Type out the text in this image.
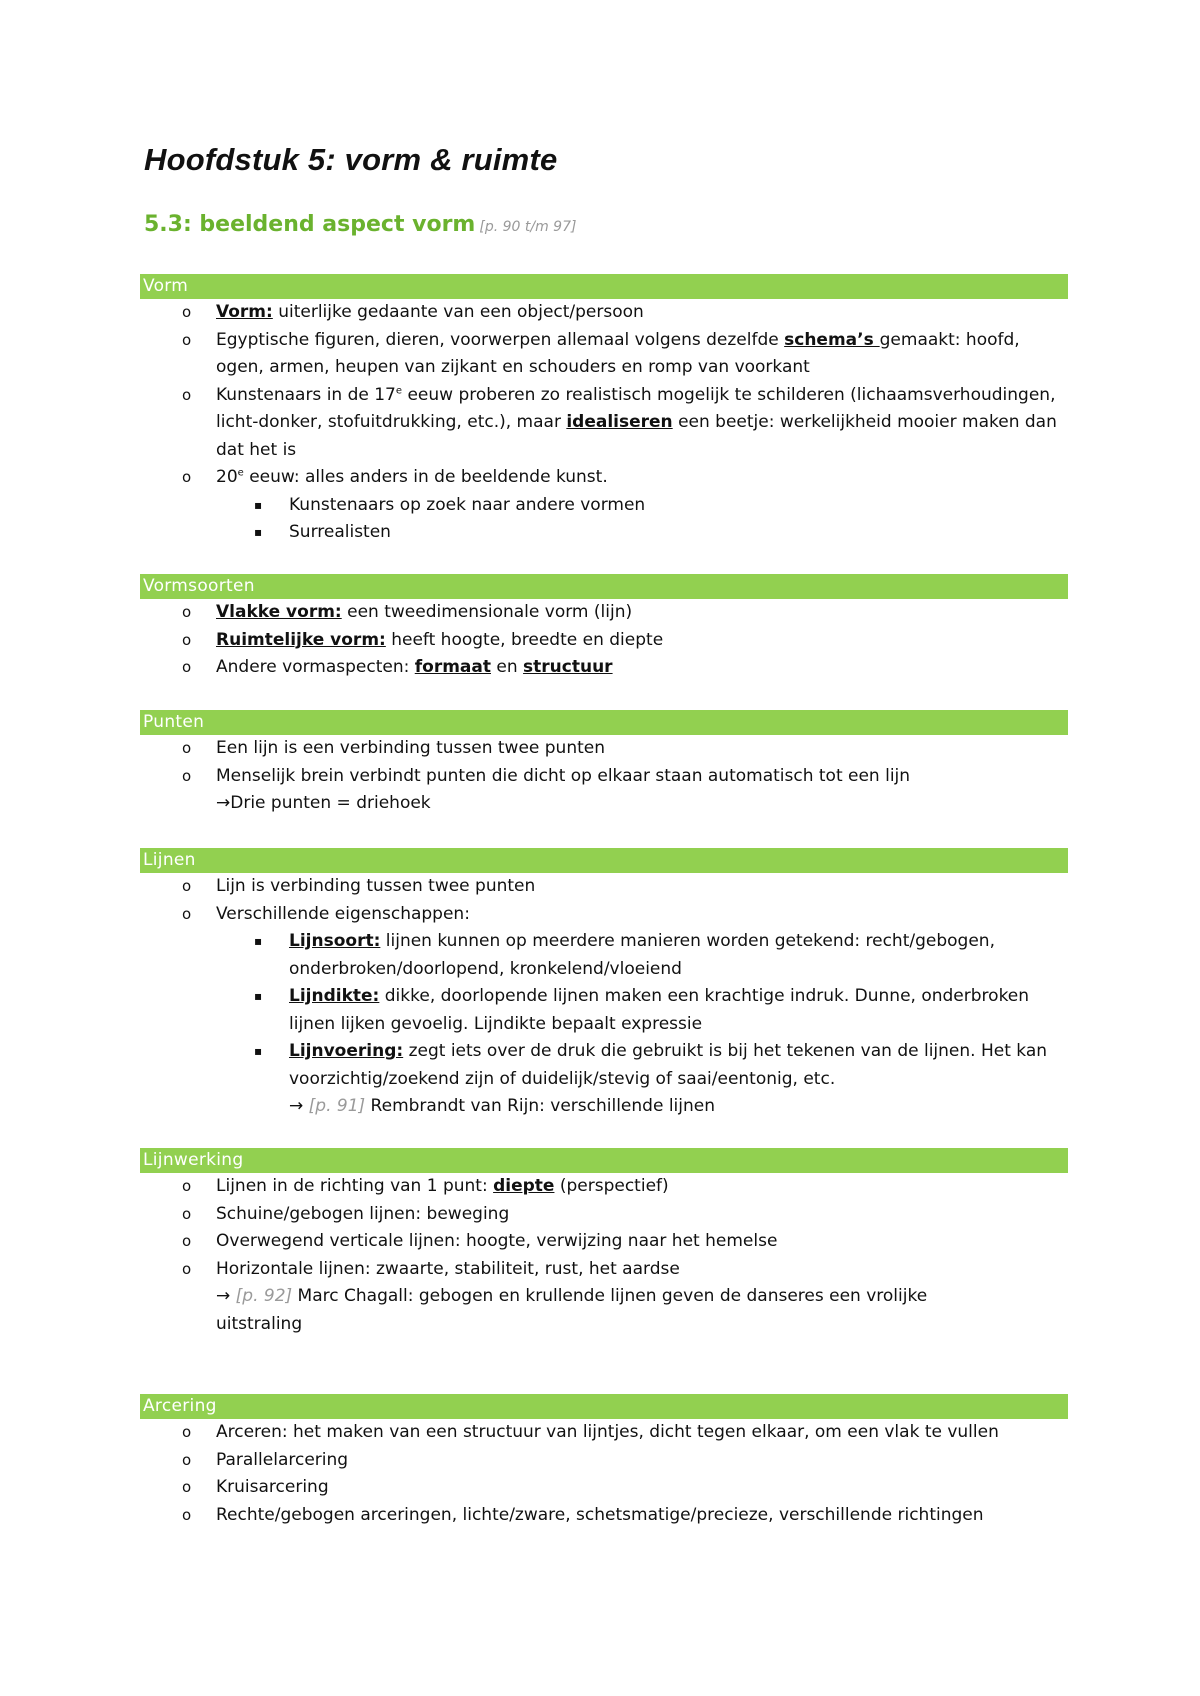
Hoofdstuk 5: vorm & ruimte
5.3: beeldend aspect vorm [p. 90 t/m 97]
Vorm
o Vorm: uiterlijke gedaante van een object/persoon
o Egyptische figuren, dieren, voorwerpen allemaal volgens dezelfde schema’s gemaakt: hoofd, ogen, armen, heupen van zijkant en schouders en romp van voorkant
o Kunstenaars in de 17e eeuw proberen zo realistisch mogelijk te schilderen (lichaamsverhoudingen, licht-donker, stofuitdrukking, etc.), maar idealiseren een beetje: werkelijkheid mooier maken dan dat het is
o 20e eeuw: alles anders in de beeldende kunst.
▪ Kunstenaars op zoek naar andere vormen
▪ Surrealisten
Vormsoorten
o Vlakke vorm: een tweedimensionale vorm (lijn)
o Ruimtelijke vorm: heeft hoogte, breedte en diepte
o Andere vormaspecten: formaat en structuur
Punten
o Een lijn is een verbinding tussen twee punten
o Menselijk brein verbindt punten die dicht op elkaar staan automatisch tot een lijn
→Drie punten = driehoek
Lijnen
o Lijn is verbinding tussen twee punten
o Verschillende eigenschappen:
▪ Lijnsoort: lijnen kunnen op meerdere manieren worden getekend: recht/gebogen, onderbroken/doorlopend, kronkelend/vloeiend
▪ Lijndikte: dikke, doorlopende lijnen maken een krachtige indruk. Dunne, onderbroken lijnen lijken gevoelig. Lijndikte bepaalt expressie
▪ Lijnvoering: zegt iets over de druk die gebruikt is bij het tekenen van de lijnen. Het kan voorzichtig/zoekend zijn of duidelijk/stevig of saai/eentonig, etc.
→ [p. 91] Rembrandt van Rijn: verschillende lijnen
Lijnwerking
o Lijnen in de richting van 1 punt: diepte (perspectief)
o Schuine/gebogen lijnen: beweging
o Overwegend verticale lijnen: hoogte, verwijzing naar het hemelse
o Horizontale lijnen: zwaarte, stabiliteit, rust, het aardse
→ [p. 92] Marc Chagall: gebogen en krullende lijnen geven de danseres een vrolijke
uitstraling
Arcering
o Arceren: het maken van een structuur van lijntjes, dicht tegen elkaar, om een vlak te vullen
o Parallelarcering
o Kruisarcering
o Rechte/gebogen arceringen, lichte/zware, schetsmatige/precieze, verschillende richtingen
